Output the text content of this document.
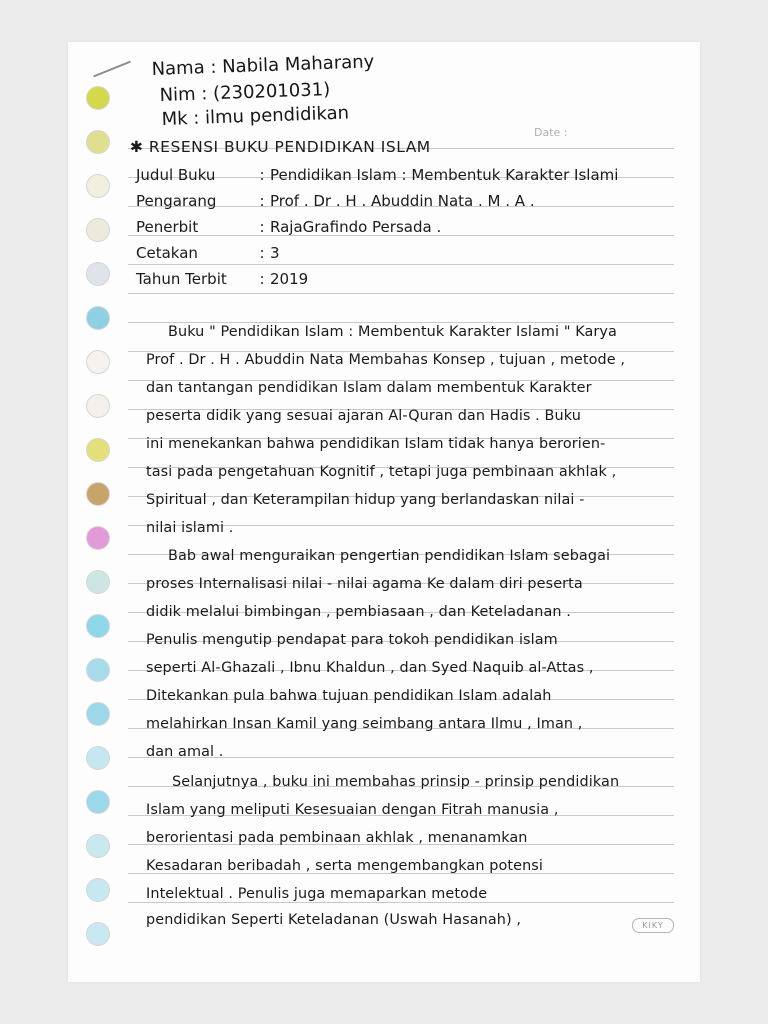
Nama : Nabila Maharany
Nim : (230201031)
Mk : ilmu pendidikan
Date :
✱ RESENSI BUKU PENDIDIKAN ISLAM
Judul Buku	: Pendidikan Islam : Membentuk Karakter Islami
Pengarang	: Prof . Dr . H . Abuddin Nata . M . A .
Penerbit	: RajaGrafindo Persada .
Cetakan	: 3
Tahun Terbit	: 2019
Buku " Pendidikan Islam : Membentuk Karakter Islami " Karya
Prof . Dr . H . Abuddin Nata Membahas Konsep , tujuan , metode ,
dan tantangan pendidikan Islam dalam membentuk Karakter
peserta didik yang sesuai ajaran Al-Quran dan Hadis . Buku
ini menekankan bahwa pendidikan Islam tidak hanya berorien-
tasi pada pengetahuan Kognitif , tetapi juga pembinaan akhlak ,
Spiritual , dan Keterampilan hidup yang berlandaskan nilai -
nilai islami .
Bab awal menguraikan pengertian pendidikan Islam sebagai
proses Internalisasi nilai - nilai agama Ke dalam diri peserta
didik melalui bimbingan , pembiasaan , dan Keteladanan .
Penulis mengutip pendapat para tokoh pendidikan islam
seperti Al-Ghazali , Ibnu Khaldun , dan Syed Naquib al-Attas ,
Ditekankan pula bahwa tujuan pendidikan Islam adalah
melahirkan Insan Kamil yang seimbang antara Ilmu , Iman ,
dan amal .
Selanjutnya , buku ini membahas prinsip - prinsip pendidikan
Islam yang meliputi Kesesuaian dengan Fitrah manusia ,
berorientasi pada pembinaan akhlak , menanamkan
Kesadaran beribadah , serta mengembangkan potensi
Intelektual . Penulis juga memaparkan metode
pendidikan Seperti Keteladanan (Uswah Hasanah) ,	KIKY
